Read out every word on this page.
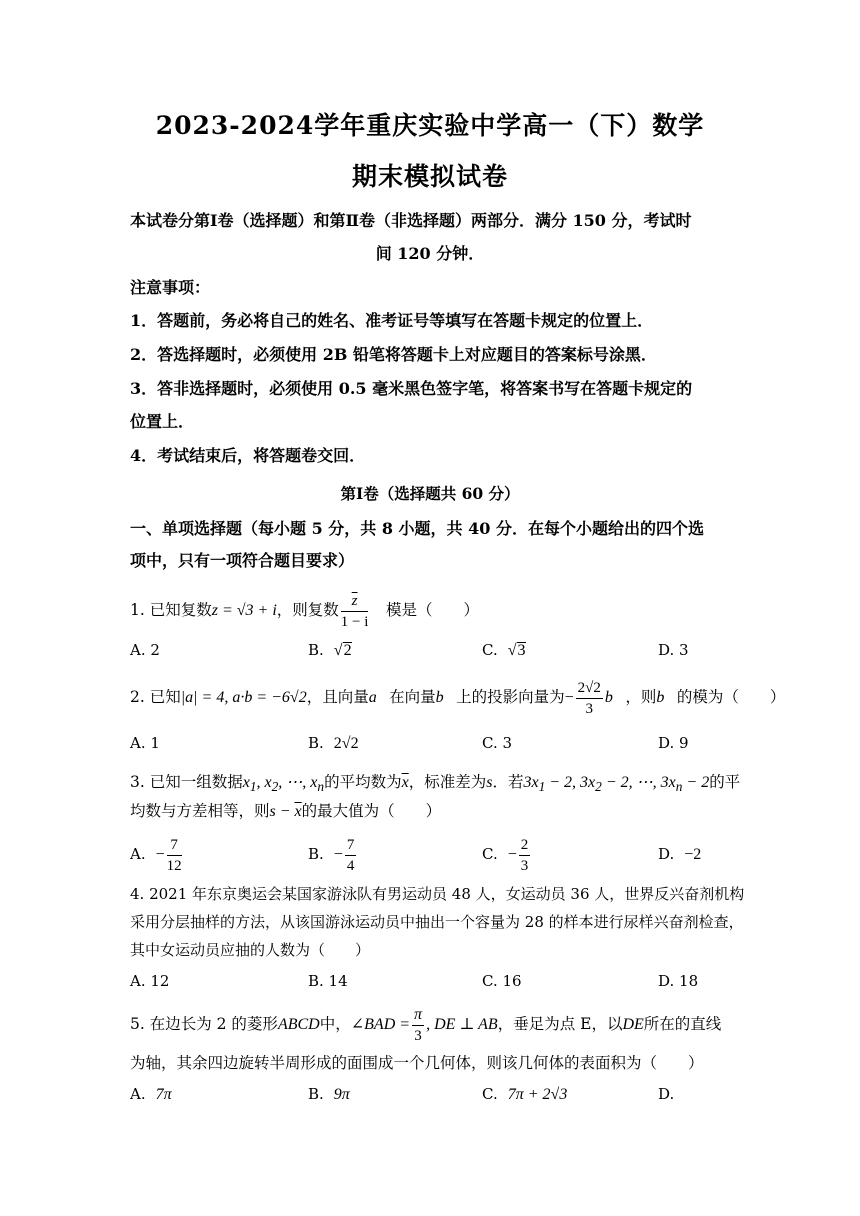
2023-2024学年重庆实验中学高一（下）数学
期末模拟试卷
本试卷分第Ⅰ卷（选择题）和第Ⅱ卷（非选择题）两部分．满分 150 分，考试时
间 120 分钟．
注意事项：
1．答题前，务必将自己的姓名、准考证号等填写在答题卡规定的位置上．
2．答选择题时，必须使用 2B 铅笔将答题卡上对应题目的答案标号涂黑．
3．答非选择题时，必须使用 0.5 毫米黑色签字笔，将答案书写在答题卡规定的
位置上．
4．考试结束后，将答题卷交回．
第Ⅰ卷（选择题共 60 分）
一、单项选择题（每小题 5 分，共 8 小题，共 40 分．在每个小题给出的四个选
项中，只有一项符合题目要求）
1. 已知复数z = √3 + i，则复数 $\frac{\overline{z}}{1 - i}$
　 模是（　　）
A. 2	B. √2	C. √3	D. 3
2. 已知|a| = 4, a·b = −6√2，且向量a⃗在向量b⃗上的投影向量为− $\frac{2√2}{3}$ b⃗，则b⃗的模为（　　）
A. 1	B. 2√2	C. 3	D. 9
3. 已知一组数据$x_1$, $x_2$, ⋯, $x_n$的平均数为$\overline{x}$，标准差为s．若$3x_1 - 2$, $3x_2 - 2$, ⋯, $3x_n - 2$的平
均数与方差相等，则$s - \overline{x}$的最大值为（　　）
A. − $\frac{7}{12}$	B. − $\frac{7}{4}$	C. − $\frac{2}{3}$	D. −2
4. 2021 年东京奥运会某国家游泳队有男运动员 48 人，女运动员 36 人，世界反兴奋剂机构
采用分层抽样的方法，从该国游泳运动员中抽出一个容量为 28 的样本进行尿样兴奋剂检查，
其中女运动员应抽的人数为（　　）
A. 12	B. 14	C. 16	D. 18
5. 在边长为 2 的菱形ABCD中，∠BAD = $\frac{\pi}{3}$ , DE ⊥ AB，垂足为点 E，以DE所在的直线
为轴，其余四边旋转半周形成的面围成一个几何体，则该几何体的表面积为（　　）
A. 7π	B. 9π	C. 7π + 2√3	D.
